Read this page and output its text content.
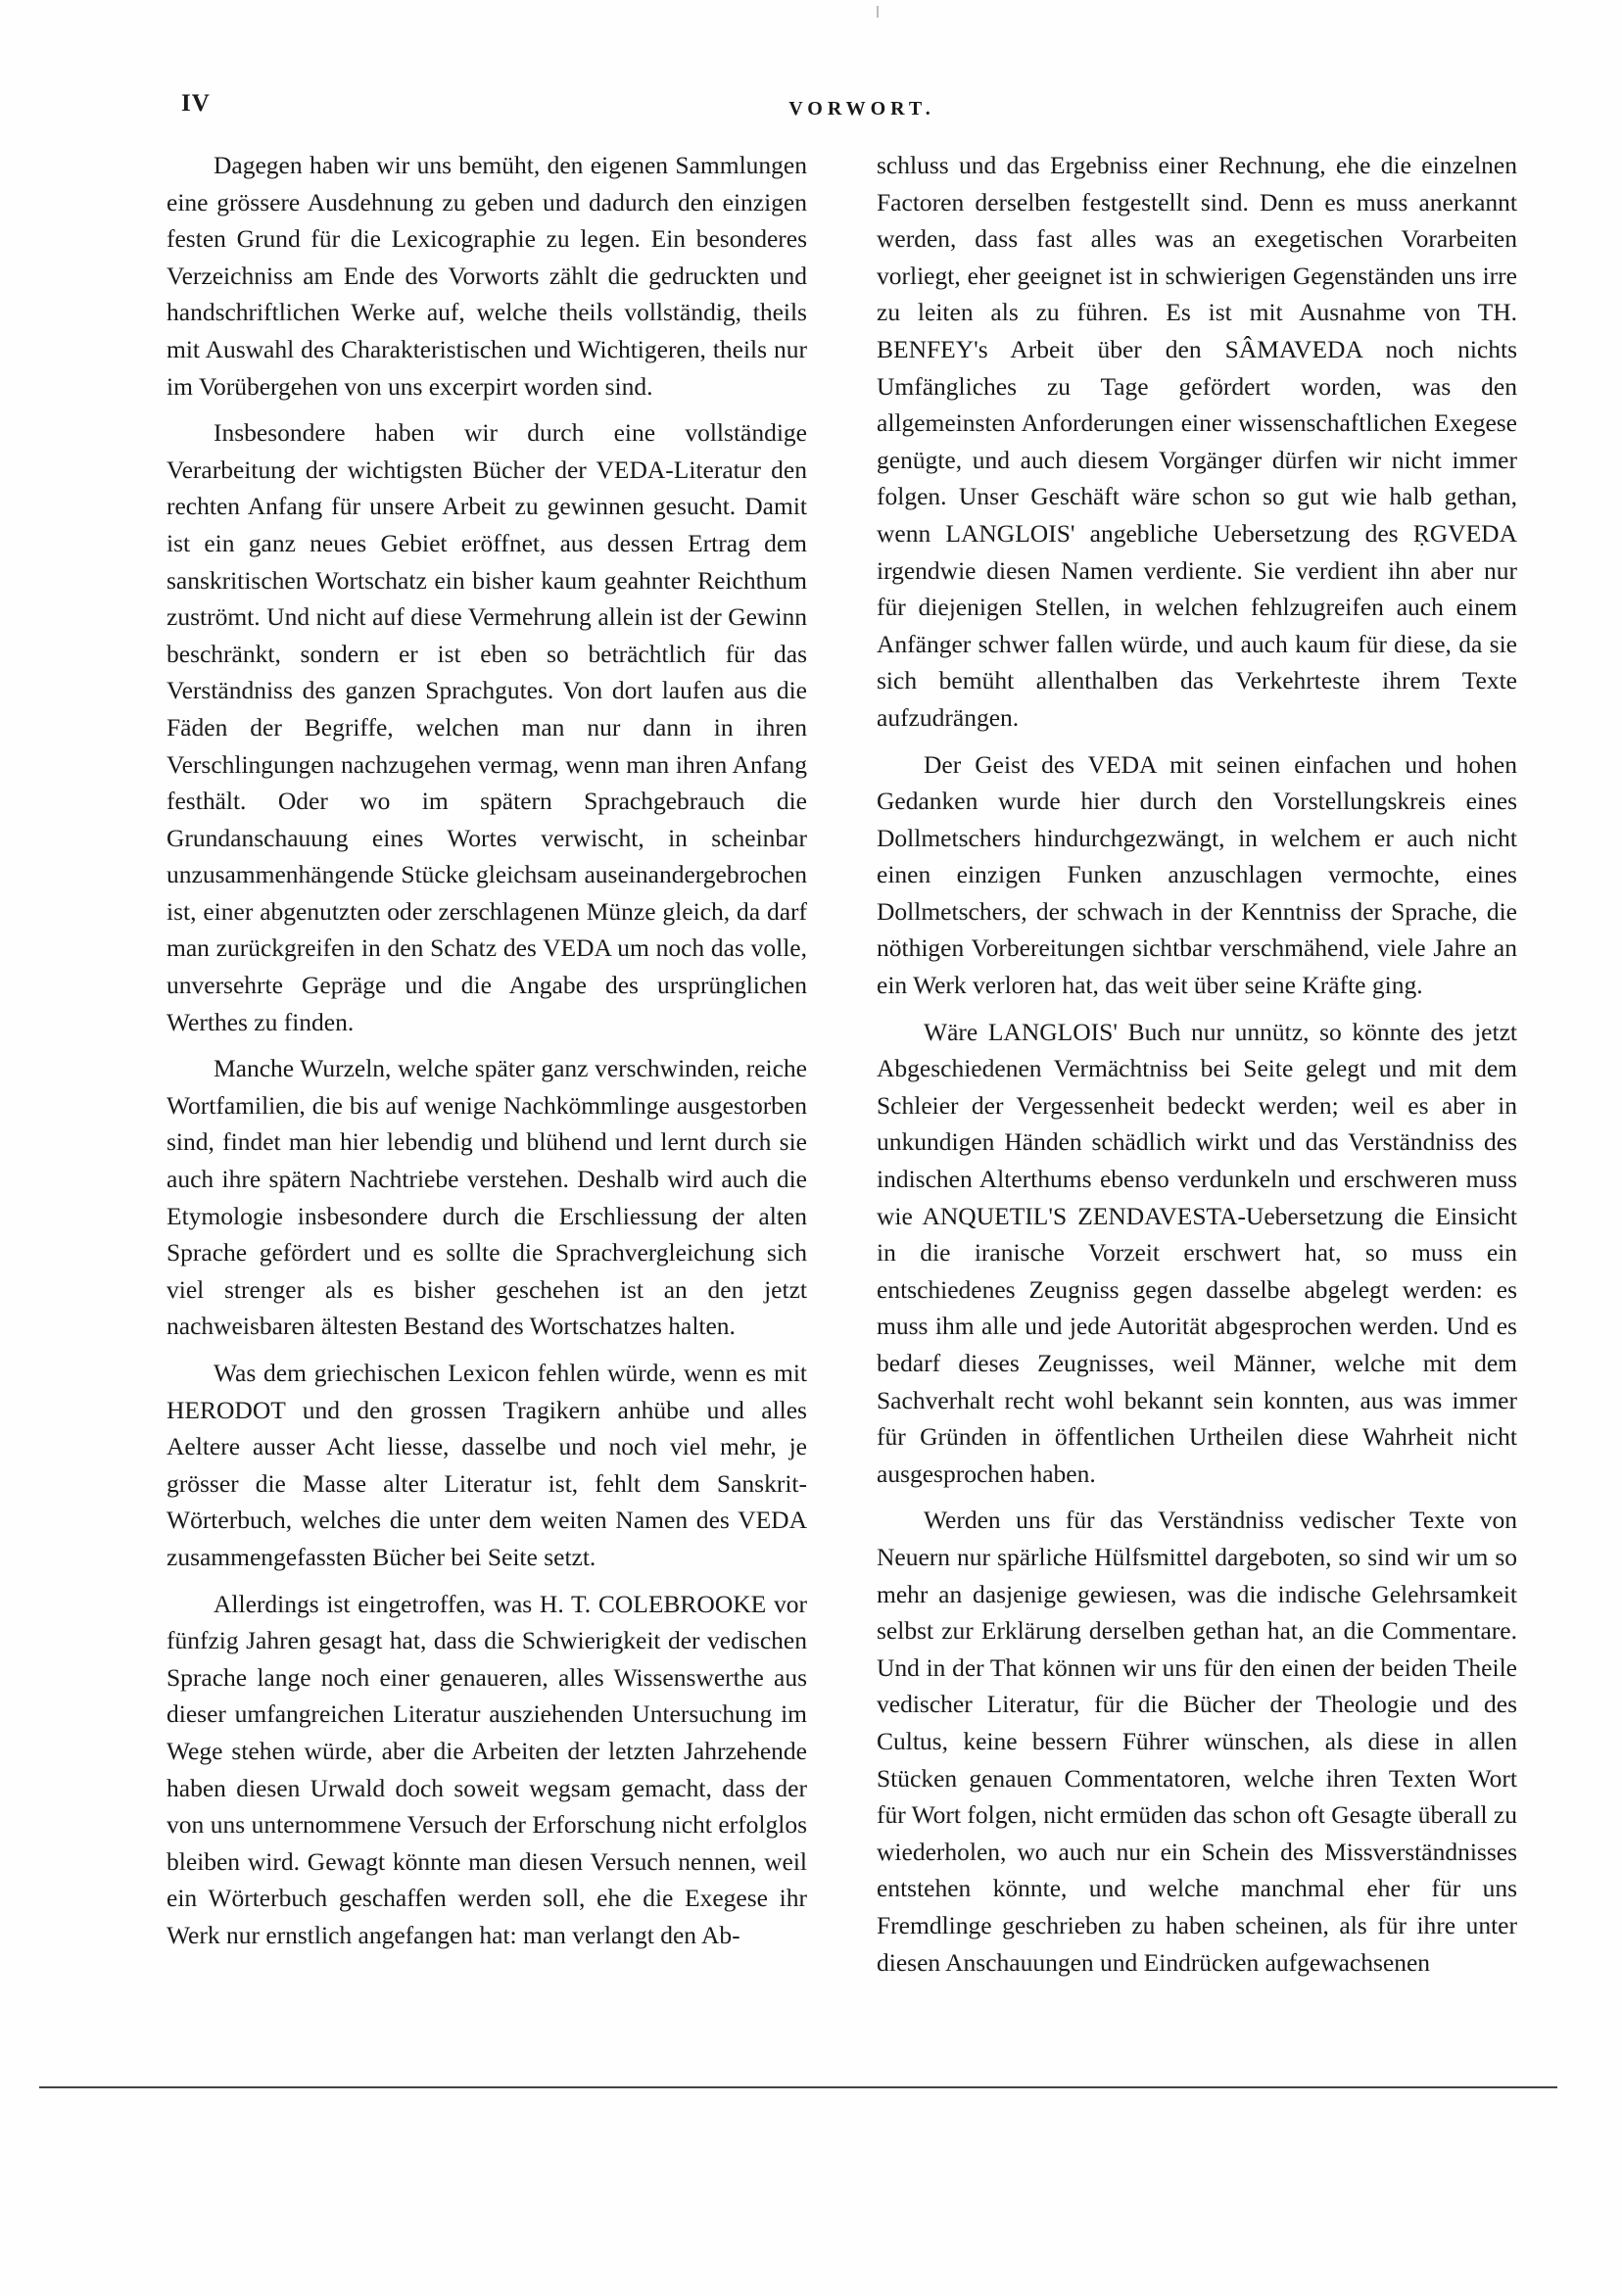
IV	VORWORT.

Dagegen haben wir uns bemüht, den eigenen Sammlungen eine grössere Ausdehnung zu geben und dadurch den einzigen festen Grund für die Lexicographie zu legen. Ein besonderes Verzeichniss am Ende des Vorworts zählt die gedruckten und handschriftlichen Werke auf, welche theils vollständig, theils mit Auswahl des Charakteristischen und Wichtigeren, theils nur im Vorübergehen von uns excerpirt worden sind.

Insbesondere haben wir durch eine vollständige Verarbeitung der wichtigsten Bücher der VEDA-Literatur den rechten Anfang für unsere Arbeit zu gewinnen gesucht. Damit ist ein ganz neues Gebiet eröffnet, aus dessen Ertrag dem sanskritischen Wortschatz ein bisher kaum geahnter Reichthum zuströmt. Und nicht auf diese Vermehrung allein ist der Gewinn beschränkt, sondern er ist eben so beträchtlich für das Verständniss des ganzen Sprachgutes. Von dort laufen aus die Fäden der Begriffe, welchen man nur dann in ihren Verschlingungen nachzugehen vermag, wenn man ihren Anfang festhält. Oder wo im spätern Sprachgebrauch die Grundanschauung eines Wortes verwischt, in scheinbar unzusammenhängende Stücke gleichsam auseinandergebrochen ist, einer abgenutzten oder zerschlagenen Münze gleich, da darf man zurückgreifen in den Schatz des VEDA um noch das volle, unversehrte Gepräge und die Angabe des ursprünglichen Werthes zu finden.

Manche Wurzeln, welche später ganz verschwinden, reiche Wortfamilien, die bis auf wenige Nachkömmlinge ausgestorben sind, findet man hier lebendig und blühend und lernt durch sie auch ihre spätern Nachtriebe verstehen. Deshalb wird auch die Etymologie insbesondere durch die Erschliessung der alten Sprache gefördert und es sollte die Sprachvergleichung sich viel strenger als es bisher geschehen ist an den jetzt nachweisbaren ältesten Bestand des Wortschatzes halten.

Was dem griechischen Lexicon fehlen würde, wenn es mit HERODOT und den grossen Tragikern anhübe und alles Aeltere ausser Acht liesse, dasselbe und noch viel mehr, je grösser die Masse alter Literatur ist, fehlt dem Sanskrit-Wörterbuch, welches die unter dem weiten Namen des VEDA zusammengefassten Bücher bei Seite setzt.

Allerdings ist eingetroffen, was H. T. COLEBROOKE vor fünfzig Jahren gesagt hat, dass die Schwierigkeit der vedischen Sprache lange noch einer genaueren, alles Wissenswerthe aus dieser umfangreichen Literatur ausziehenden Untersuchung im Wege stehen würde, aber die Arbeiten der letzten Jahrzehende haben diesen Urwald doch soweit wegsam gemacht, dass der von uns unternommene Versuch der Erforschung nicht erfolglos bleiben wird. Gewagt könnte man diesen Versuch nennen, weil ein Wörterbuch geschaffen werden soll, ehe die Exegese ihr Werk nur ernstlich angefangen hat: man verlangt den Ab-

schluss und das Ergebniss einer Rechnung, ehe die einzelnen Factoren derselben festgestellt sind. Denn es muss anerkannt werden, dass fast alles was an exegetischen Vorarbeiten vorliegt, eher geeignet ist in schwierigen Gegenständen uns irre zu leiten als zu führen. Es ist mit Ausnahme von TH. BENFEY's Arbeit über den SÂMAVEDA noch nichts Umfängliches zu Tage gefördert worden, was den allgemeinsten Anforderungen einer wissenschaftlichen Exegese genügte, und auch diesem Vorgänger dürfen wir nicht immer folgen. Unser Geschäft wäre schon so gut wie halb gethan, wenn LANGLOIS' angebliche Uebersetzung des ṚGVEDA irgendwie diesen Namen verdiente. Sie verdient ihn aber nur für diejenigen Stellen, in welchen fehlzugreifen auch einem Anfänger schwer fallen würde, und auch kaum für diese, da sie sich bemüht allenthalben das Verkehrteste ihrem Texte aufzudrängen.

Der Geist des VEDA mit seinen einfachen und hohen Gedanken wurde hier durch den Vorstellungskreis eines Dollmetschers hindurchgezwängt, in welchem er auch nicht einen einzigen Funken anzuschlagen vermochte, eines Dollmetschers, der schwach in der Kenntniss der Sprache, die nöthigen Vorbereitungen sichtbar verschmähend, viele Jahre an ein Werk verloren hat, das weit über seine Kräfte ging.

Wäre LANGLOIS' Buch nur unnütz, so könnte des jetzt Abgeschiedenen Vermächtniss bei Seite gelegt und mit dem Schleier der Vergessenheit bedeckt werden; weil es aber in unkundigen Händen schädlich wirkt und das Verständniss des indischen Alterthums ebenso verdunkeln und erschweren muss wie ANQUETIL'S ZENDAVESTA-Uebersetzung die Einsicht in die iranische Vorzeit erschwert hat, so muss ein entschiedenes Zeugniss gegen dasselbe abgelegt werden: es muss ihm alle und jede Autorität abgesprochen werden. Und es bedarf dieses Zeugnisses, weil Männer, welche mit dem Sachverhalt recht wohl bekannt sein konnten, aus was immer für Gründen in öffentlichen Urtheilen diese Wahrheit nicht ausgesprochen haben.

Werden uns für das Verständniss vedischer Texte von Neuern nur spärliche Hülfsmittel dargeboten, so sind wir um so mehr an dasjenige gewiesen, was die indische Gelehrsamkeit selbst zur Erklärung derselben gethan hat, an die Commentare. Und in der That können wir uns für den einen der beiden Theile vedischer Literatur, für die Bücher der Theologie und des Cultus, keine bessern Führer wünschen, als diese in allen Stücken genauen Commentatoren, welche ihren Texten Wort für Wort folgen, nicht ermüden das schon oft Gesagte überall zu wiederholen, wo auch nur ein Schein des Missverständnisses entstehen könnte, und welche manchmal eher für uns Fremdlinge geschrieben zu haben scheinen, als für ihre unter diesen Anschauungen und Eindrücken aufgewachsenen
